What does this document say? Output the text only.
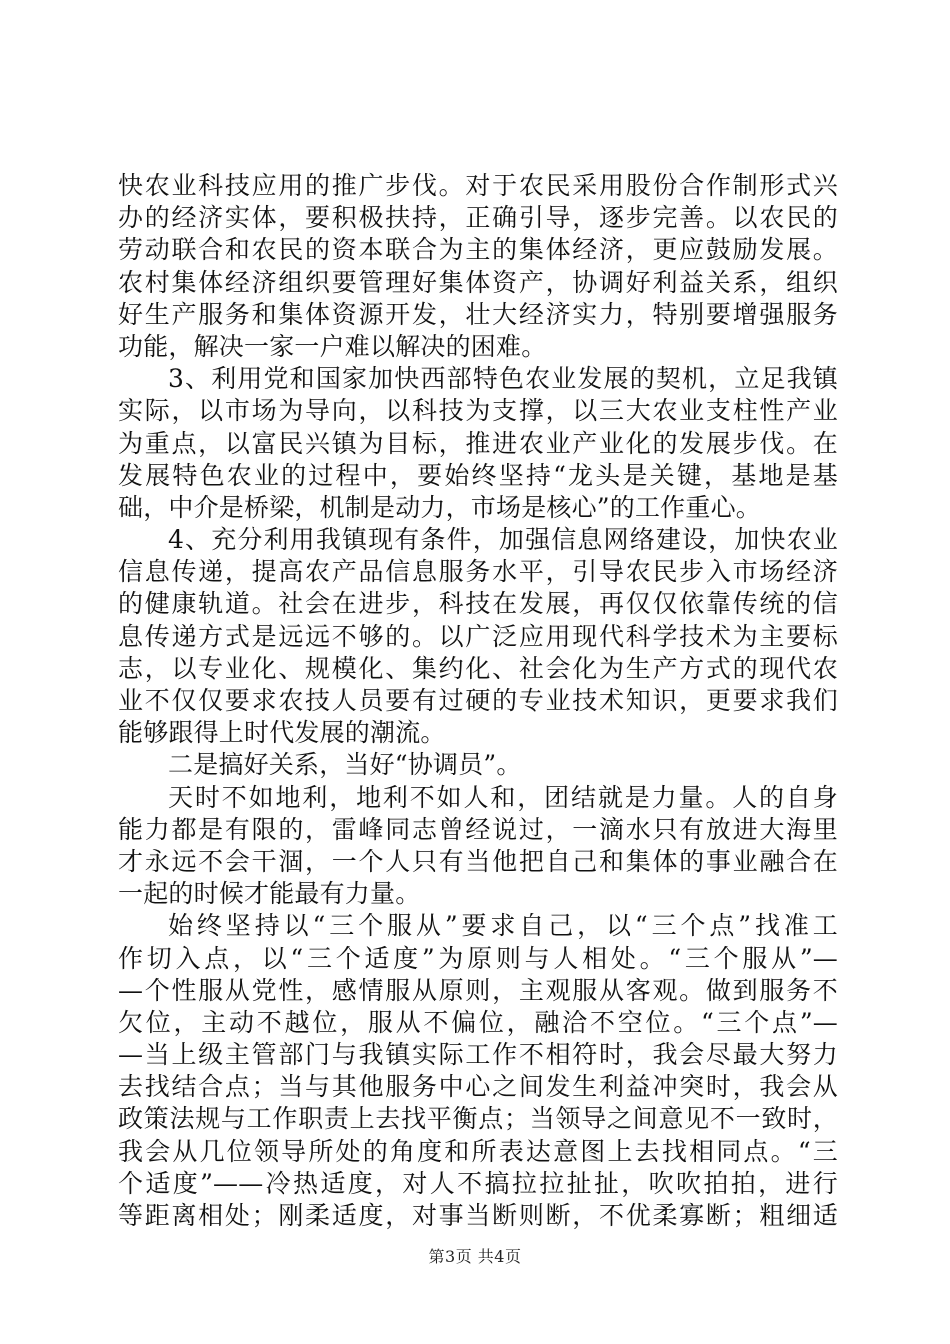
快农业科技应用的推广步伐。对于农民采用股份合作制形式兴
办的经济实体，要积极扶持，正确引导，逐步完善。以农民的
劳动联合和农民的资本联合为主的集体经济，更应鼓励发展。
农村集体经济组织要管理好集体资产，协调好利益关系，组织
好生产服务和集体资源开发，壮大经济实力，特别要增强服务
功能，解决一家一户难以解决的困难。
3、利用党和国家加快西部特色农业发展的契机，立足我镇
实际，以市场为导向，以科技为支撑，以三大农业支柱性产业
为重点，以富民兴镇为目标，推进农业产业化的发展步伐。在
发展特色农业的过程中，要始终坚持“龙头是关键，基地是基
础，中介是桥梁，机制是动力，市场是核心”的工作重心。
4、充分利用我镇现有条件，加强信息网络建设，加快农业
信息传递，提高农产品信息服务水平，引导农民步入市场经济
的健康轨道。社会在进步，科技在发展，再仅仅依靠传统的信
息传递方式是远远不够的。以广泛应用现代科学技术为主要标
志，以专业化、规模化、集约化、社会化为生产方式的现代农
业不仅仅要求农技人员要有过硬的专业技术知识，更要求我们
能够跟得上时代发展的潮流。
二是搞好关系，当好“协调员”。
天时不如地利，地利不如人和，团结就是力量。人的自身
能力都是有限的，雷峰同志曾经说过，一滴水只有放进大海里
才永远不会干涸，一个人只有当他把自己和集体的事业融合在
一起的时候才能最有力量。
始终坚持以“三个服从”要求自己，以“三个点”找准工
作切入点，以“三个适度”为原则与人相处。“三个服从”—
—个性服从党性，感情服从原则，主观服从客观。做到服务不
欠位，主动不越位，服从不偏位，融洽不空位。“三个点”—
—当上级主管部门与我镇实际工作不相符时，我会尽最大努力
去找结合点；当与其他服务中心之间发生利益冲突时，我会从
政策法规与工作职责上去找平衡点；当领导之间意见不一致时，
我会从几位领导所处的角度和所表达意图上去找相同点。“三
个适度”——冷热适度，对人不搞拉拉扯扯，吹吹拍拍，进行
等距离相处；刚柔适度，对事当断则断，不优柔寡断；粗细适
第3页 共4页
